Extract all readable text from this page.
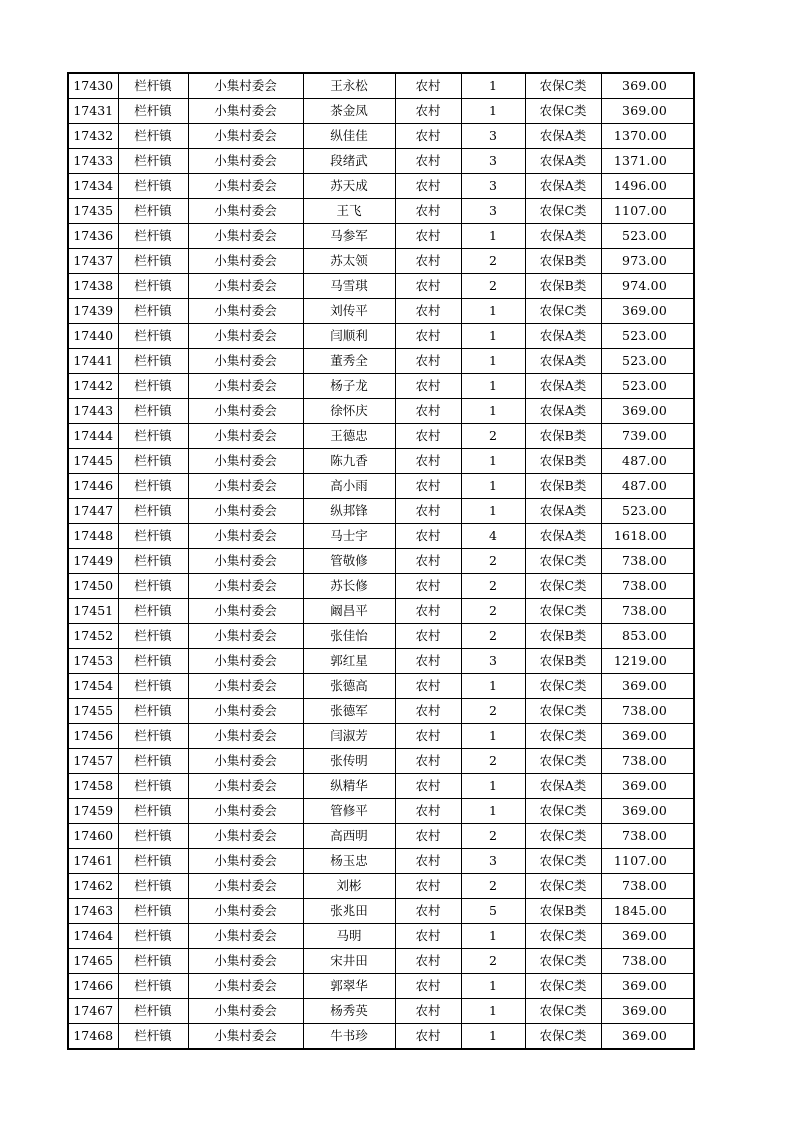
17430	栏杆镇	小集村委会	王永松	农村	1	农保C类	369.00
17431	栏杆镇	小集村委会	茶金凤	农村	1	农保C类	369.00
17432	栏杆镇	小集村委会	纵佳佳	农村	3	农保A类	1370.00
17433	栏杆镇	小集村委会	段绪武	农村	3	农保A类	1371.00
17434	栏杆镇	小集村委会	苏天成	农村	3	农保A类	1496.00
17435	栏杆镇	小集村委会	王飞	农村	3	农保C类	1107.00
17436	栏杆镇	小集村委会	马参军	农村	1	农保A类	523.00
17437	栏杆镇	小集村委会	苏太领	农村	2	农保B类	973.00
17438	栏杆镇	小集村委会	马雪琪	农村	2	农保B类	974.00
17439	栏杆镇	小集村委会	刘传平	农村	1	农保C类	369.00
17440	栏杆镇	小集村委会	闫顺利	农村	1	农保A类	523.00
17441	栏杆镇	小集村委会	董秀全	农村	1	农保A类	523.00
17442	栏杆镇	小集村委会	杨子龙	农村	1	农保A类	523.00
17443	栏杆镇	小集村委会	徐怀庆	农村	1	农保A类	369.00
17444	栏杆镇	小集村委会	王德忠	农村	2	农保B类	739.00
17445	栏杆镇	小集村委会	陈九香	农村	1	农保B类	487.00
17446	栏杆镇	小集村委会	高小雨	农村	1	农保B类	487.00
17447	栏杆镇	小集村委会	纵邦锋	农村	1	农保A类	523.00
17448	栏杆镇	小集村委会	马士宇	农村	4	农保A类	1618.00
17449	栏杆镇	小集村委会	管敬修	农村	2	农保C类	738.00
17450	栏杆镇	小集村委会	苏长修	农村	2	农保C类	738.00
17451	栏杆镇	小集村委会	阚昌平	农村	2	农保C类	738.00
17452	栏杆镇	小集村委会	张佳怡	农村	2	农保B类	853.00
17453	栏杆镇	小集村委会	郭红星	农村	3	农保B类	1219.00
17454	栏杆镇	小集村委会	张德高	农村	1	农保C类	369.00
17455	栏杆镇	小集村委会	张德军	农村	2	农保C类	738.00
17456	栏杆镇	小集村委会	闫淑芳	农村	1	农保C类	369.00
17457	栏杆镇	小集村委会	张传明	农村	2	农保C类	738.00
17458	栏杆镇	小集村委会	纵精华	农村	1	农保A类	369.00
17459	栏杆镇	小集村委会	管修平	农村	1	农保C类	369.00
17460	栏杆镇	小集村委会	高西明	农村	2	农保C类	738.00
17461	栏杆镇	小集村委会	杨玉忠	农村	3	农保C类	1107.00
17462	栏杆镇	小集村委会	刘彬	农村	2	农保C类	738.00
17463	栏杆镇	小集村委会	张兆田	农村	5	农保B类	1845.00
17464	栏杆镇	小集村委会	马明	农村	1	农保C类	369.00
17465	栏杆镇	小集村委会	宋井田	农村	2	农保C类	738.00
17466	栏杆镇	小集村委会	郭翠华	农村	1	农保C类	369.00
17467	栏杆镇	小集村委会	杨秀英	农村	1	农保C类	369.00
17468	栏杆镇	小集村委会	牛书珍	农村	1	农保C类	369.00
